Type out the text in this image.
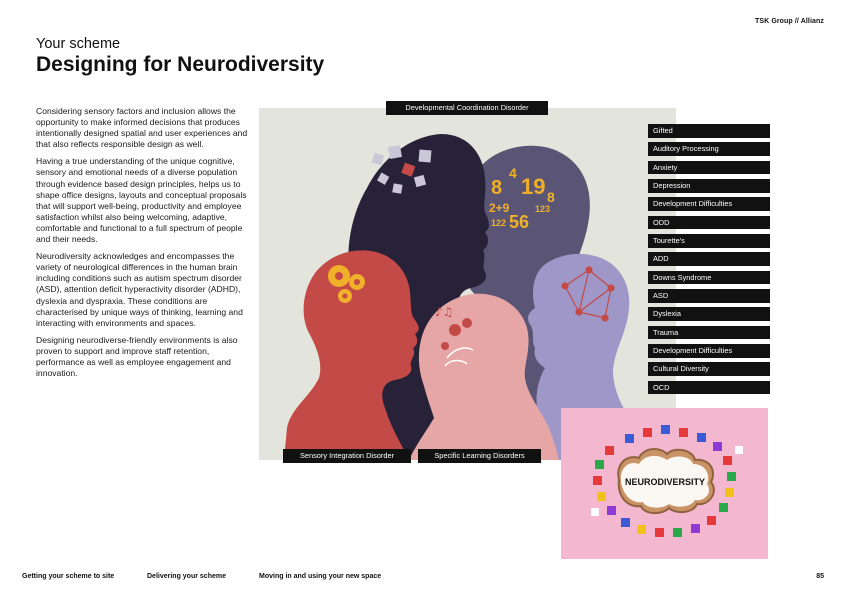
TSK Group // Allianz
Your scheme
Designing for Neurodiversity

Considering sensory factors and inclusion allows the opportunity to make informed decisions that produces intentionally designed spatial and user experiences and that also reflects responsible design as well.

Having a true understanding of the unique cognitive, sensory and emotional needs of a diverse population through evidence based design principles, helps us to shape office designs, layouts and conceptual proposals that will support well-being, productivity and employee satisfaction whilst also being welcoming, adaptive, comfortable and functional to a full spectrum of people and their needs.

Neurodiversity acknowledges and encompasses the variety of neurological differences in the human brain including conditions such as autism spectrum disorder (ASD), attention deficit hyperactivity disorder (ADHD), dyslexia and dyspraxia. These conditions are characterised by unique ways of thinking, learning and interacting with environments and spaces.

Designing neurodiverse-friendly environments is also proven to support and improve staff retention, performance as well as employee engagement and innovation.

8
4
19
2+9
122 56
8
123
♪♫
Developmental Coordination Disorder
Sensory Integration Disorder	Specific Learning Disorders
Gifted
Auditory Processing
Anxiety
Depression
Development Difficulties
ODD
Tourette's
ADD
Downs Syndrome
ASD
Dyslexia
Trauma
Development Difficulties
Cultural Diversity
OCD
NEURODIVERSITY
Getting your scheme to site	Delivering your scheme	Moving in and using your new space	85
